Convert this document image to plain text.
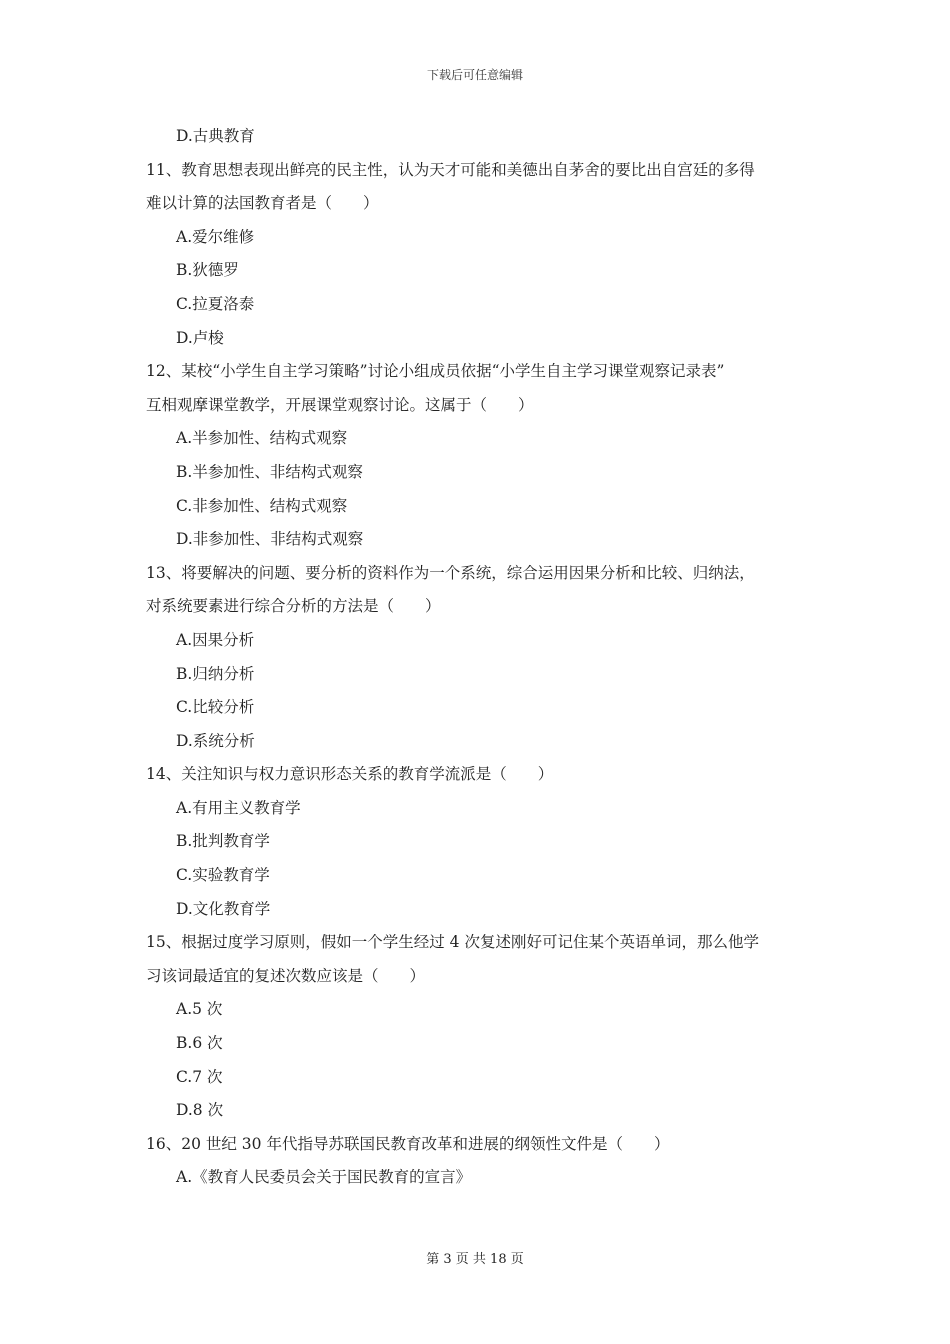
下载后可任意编辑
D.古典教育
11、教育思想表现出鲜亮的民主性，认为天才可能和美德出自茅舍的要比出自宫廷的多得
难以计算的法国教育者是（　　）
A.爱尔维修
B.狄德罗
C.拉夏洛泰
D.卢梭
12、某校“小学生自主学习策略”讨论小组成员依据“小学生自主学习课堂观察记录表”
互相观摩课堂教学，开展课堂观察讨论。这属于（　　）
A.半参加性、结构式观察
B.半参加性、非结构式观察
C.非参加性、结构式观察
D.非参加性、非结构式观察
13、将要解决的问题、要分析的资料作为一个系统，综合运用因果分析和比较、归纳法，
对系统要素进行综合分析的方法是（　　）
A.因果分析
B.归纳分析
C.比较分析
D.系统分析
14、关注知识与权力意识形态关系的教育学流派是（　　）
A.有用主义教育学
B.批判教育学
C.实验教育学
D.文化教育学
15、根据过度学习原则，假如一个学生经过 4 次复述刚好可记住某个英语单词，那么他学
习该词最适宜的复述次数应该是（　　）
A.5 次
B.6 次
C.7 次
D.8 次
16、20 世纪 30 年代指导苏联国民教育改革和进展的纲领性文件是（　　）
A.《教育人民委员会关于国民教育的宣言》
第 3 页 共 18 页
